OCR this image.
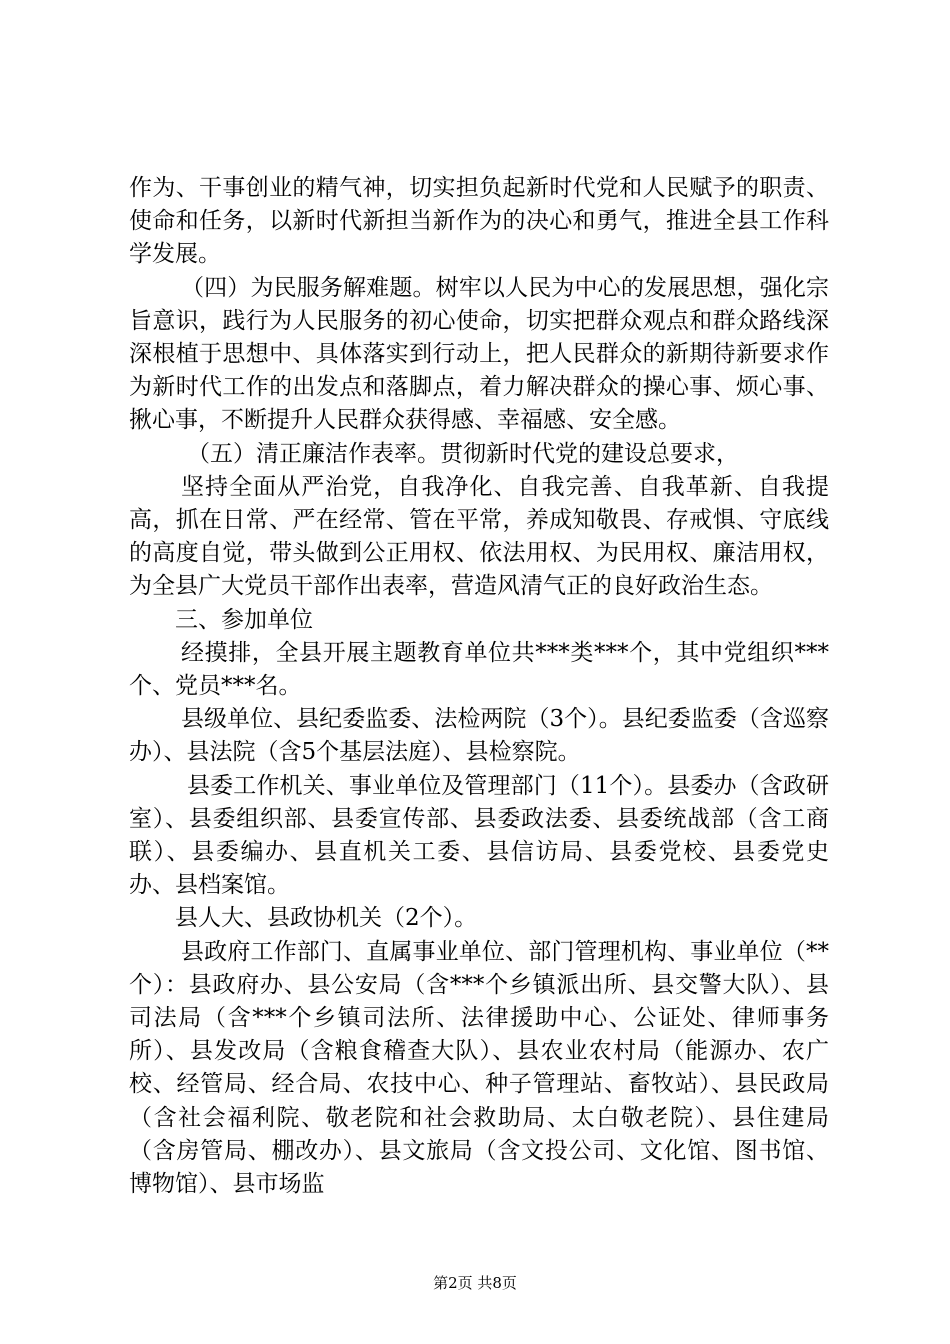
作为、干事创业的精气神，切实担负起新时代党和人民赋予的职责、使命和任务，以新时代新担当新作为的决心和勇气，推进全县工作科学发展。

（四）为民服务解难题。树牢以人民为中心的发展思想，强化宗旨意识，践行为人民服务的初心使命，切实把群众观点和群众路线深深根植于思想中、具体落实到行动上，把人民群众的新期待新要求作为新时代工作的出发点和落脚点，着力解决群众的操心事、烦心事、揪心事，不断提升人民群众获得感、幸福感、安全感。

（五）清正廉洁作表率。贯彻新时代党的建设总要求，

坚持全面从严治党，自我净化、自我完善、自我革新、自我提高，抓在日常、严在经常、管在平常，养成知敬畏、存戒惧、守底线的高度自觉，带头做到公正用权、依法用权、为民用权、廉洁用权，为全县广大党员干部作出表率，营造风清气正的良好政治生态。

三、参加单位

经摸排，全县开展主题教育单位共***类***个，其中党组织***个、党员***名。

县级单位、县纪委监委、法检两院（3个）。县纪委监委（含巡察办）、县法院（含5个基层法庭）、县检察院。

县委工作机关、事业单位及管理部门（11个）。县委办（含政研室）、县委组织部、县委宣传部、县委政法委、县委统战部（含工商联）、县委编办、县直机关工委、县信访局、县委党校、县委党史办、县档案馆。

县人大、县政协机关（2个）。

县政府工作部门、直属事业单位、部门管理机构、事业单位（**个）：县政府办、县公安局（含***个乡镇派出所、县交警大队）、县司法局（含***个乡镇司法所、法律援助中心、公证处、律师事务所）、县发改局（含粮食稽查大队）、县农业农村局（能源办、农广校、经管局、经合局、农技中心、种子管理站、畜牧站）、县民政局（含社会福利院、敬老院和社会救助局、太白敬老院）、县住建局（含房管局、棚改办）、县文旅局（含文投公司、文化馆、图书馆、博物馆）、县市场监

第2页 共8页
